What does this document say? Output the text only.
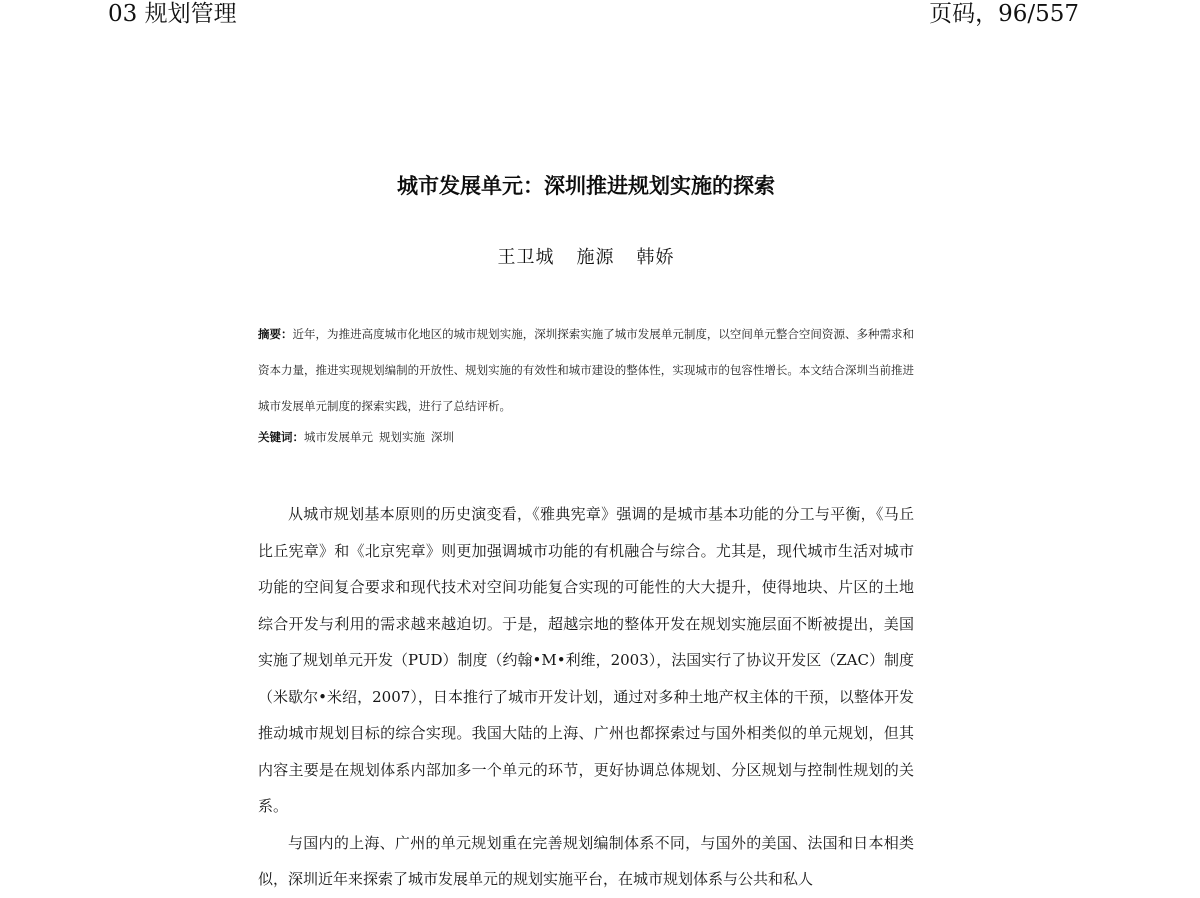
03 规划管理	页码，96/557
城市发展单元：深圳推进规划实施的探索
王卫城 施源 韩娇
摘要：近年，为推进高度城市化地区的城市规划实施，深圳探索实施了城市发展单元制度，以空间单元整合空间资源、多种需求和资本力量，推进实现规划编制的开放性、规划实施的有效性和城市建设的整体性，实现城市的包容性增长。本文结合深圳当前推进城市发展单元制度的探索实践，进行了总结评析。
关键词：城市发展单元 规划实施 深圳

从城市规划基本原则的历史演变看，《雅典宪章》强调的是城市基本功能的分工与平衡，《马丘比丘宪章》和《北京宪章》则更加强调城市功能的有机融合与综合。尤其是，现代城市生活对城市功能的空间复合要求和现代技术对空间功能复合实现的可能性的大大提升，使得地块、片区的土地综合开发与利用的需求越来越迫切。于是，超越宗地的整体开发在规划实施层面不断被提出，美国实施了规划单元开发（PUD）制度（约翰•M•利维，2003），法国实行了协议开发区（ZAC）制度（米歇尔•米绍，2007），日本推行了城市开发计划，通过对多种土地产权主体的干预，以整体开发推动城市规划目标的综合实现。我国大陆的上海、广州也都探索过与国外相类似的单元规划，但其内容主要是在规划体系内部加多一个单元的环节，更好协调总体规划、分区规划与控制性规划的关系。

与国内的上海、广州的单元规划重在完善规划编制体系不同，与国外的美国、法国和日本相类似，深圳近年来探索了城市发展单元的规划实施平台，在城市规划体系与公共和私人
